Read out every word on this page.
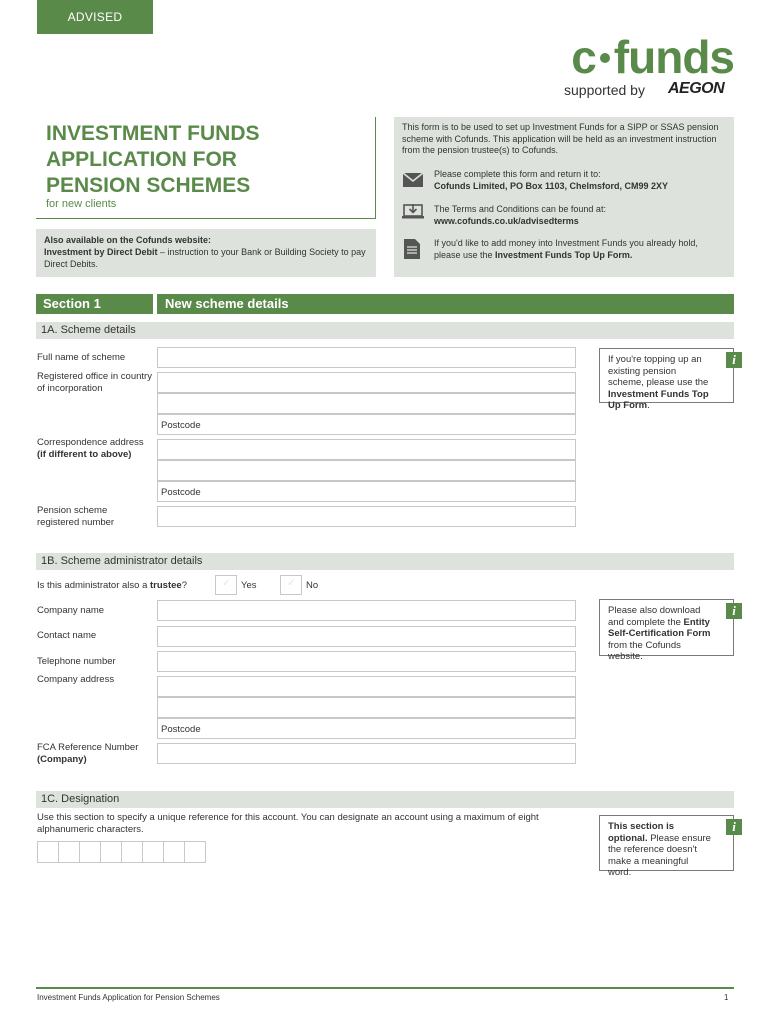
ADVISED
c funds
supported by AEGON
INVESTMENT FUNDS
APPLICATION FOR
PENSION SCHEMES
for new clients
Also available on the Cofunds website:
Investment by Direct Debit – instruction to your Bank or Building Society to pay Direct Debits.
This form is to be used to set up Investment Funds for a SIPP or SSAS pension scheme with Cofunds. This application will be held as an investment instruction from the pension trustee(s) to Cofunds.
Please complete this form and return it to:
Cofunds Limited, PO Box 1103, Chelmsford, CM99 2XY
The Terms and Conditions can be found at:
www.cofunds.co.uk/advisedterms
If you'd like to add money into Investment Funds you already hold, please use the Investment Funds Top Up Form.
Section 1	New scheme details
1A. Scheme details
Full name of scheme
Registered office in country of incorporation
Postcode
Correspondence address
(if different to above)
Postcode
Pension scheme registered number
If you're topping up an existing pension scheme, please use the Investment Funds Top Up Form.
i
1B. Scheme administrator details
Is this administrator also a trustee? ✓	Yes ✓	No
Company name
Contact name
Telephone number
Company address
Postcode
FCA Reference Number
(Company)
Please also download and complete the Entity Self-Certification Form from the Cofunds website.
i
1C. Designation
Use this section to specify a unique reference for this account. You can designate an account using a maximum of eight alphanumeric characters.	This section is optional. Please ensure the reference doesn't make a meaningful word.
i
Investment Funds Application for Pension Schemes	1
